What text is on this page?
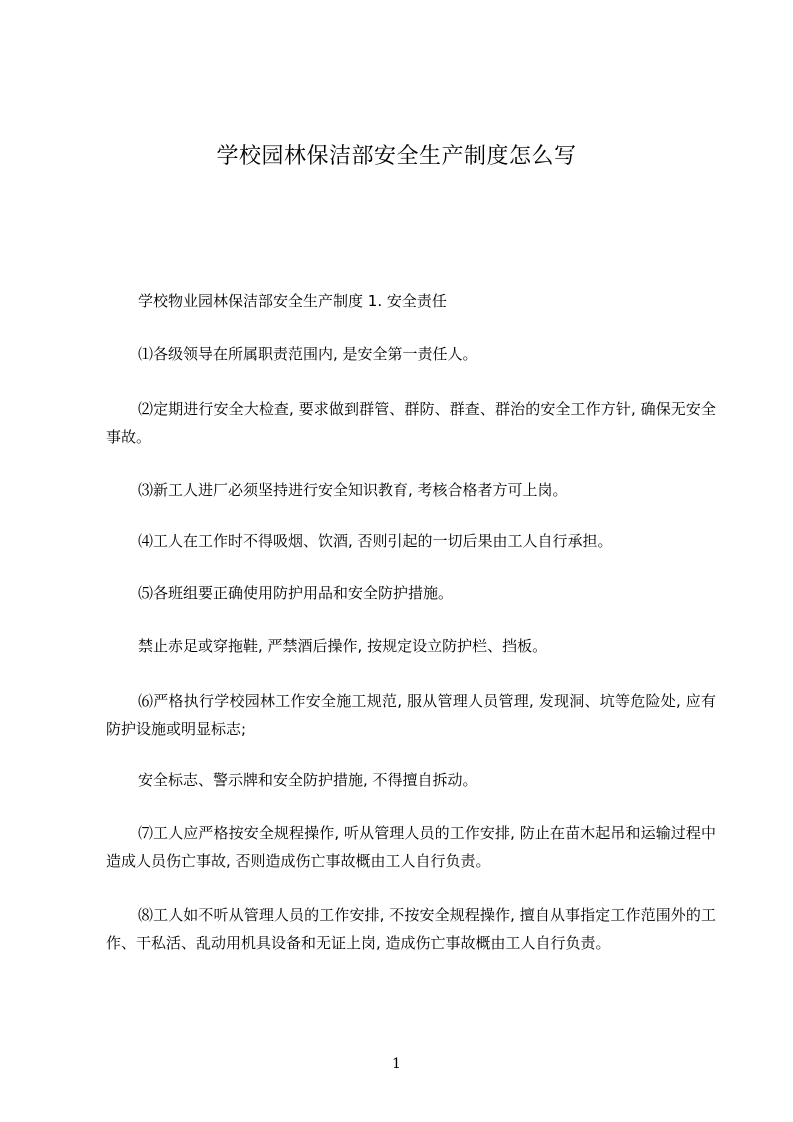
学校园林保洁部安全生产制度怎么写

学校物业园林保洁部安全生产制度 1. 安全责任

⑴各级领导在所属职责范围内, 是安全第一责任人。

⑵定期进行安全大检查, 要求做到群管、群防、群查、群治的安全工作方针, 确保无安全事故。

⑶新工人进厂必须坚持进行安全知识教育, 考核合格者方可上岗。

⑷工人在工作时不得吸烟、饮酒, 否则引起的一切后果由工人自行承担。

⑸各班组要正确使用防护用品和安全防护措施。

禁止赤足或穿拖鞋, 严禁酒后操作, 按规定设立防护栏、挡板。

⑹严格执行学校园林工作安全施工规范, 服从管理人员管理, 发现洞、坑等危险处, 应有防护设施或明显标志;

安全标志、警示牌和安全防护措施, 不得擅自拆动。

⑺工人应严格按安全规程操作, 听从管理人员的工作安排, 防止在苗木起吊和运输过程中造成人员伤亡事故, 否则造成伤亡事故概由工人自行负责。

⑻工人如不听从管理人员的工作安排, 不按安全规程操作, 擅自从事指定工作范围外的工作、干私活、乱动用机具设备和无证上岗, 造成伤亡事故概由工人自行负责。

1
